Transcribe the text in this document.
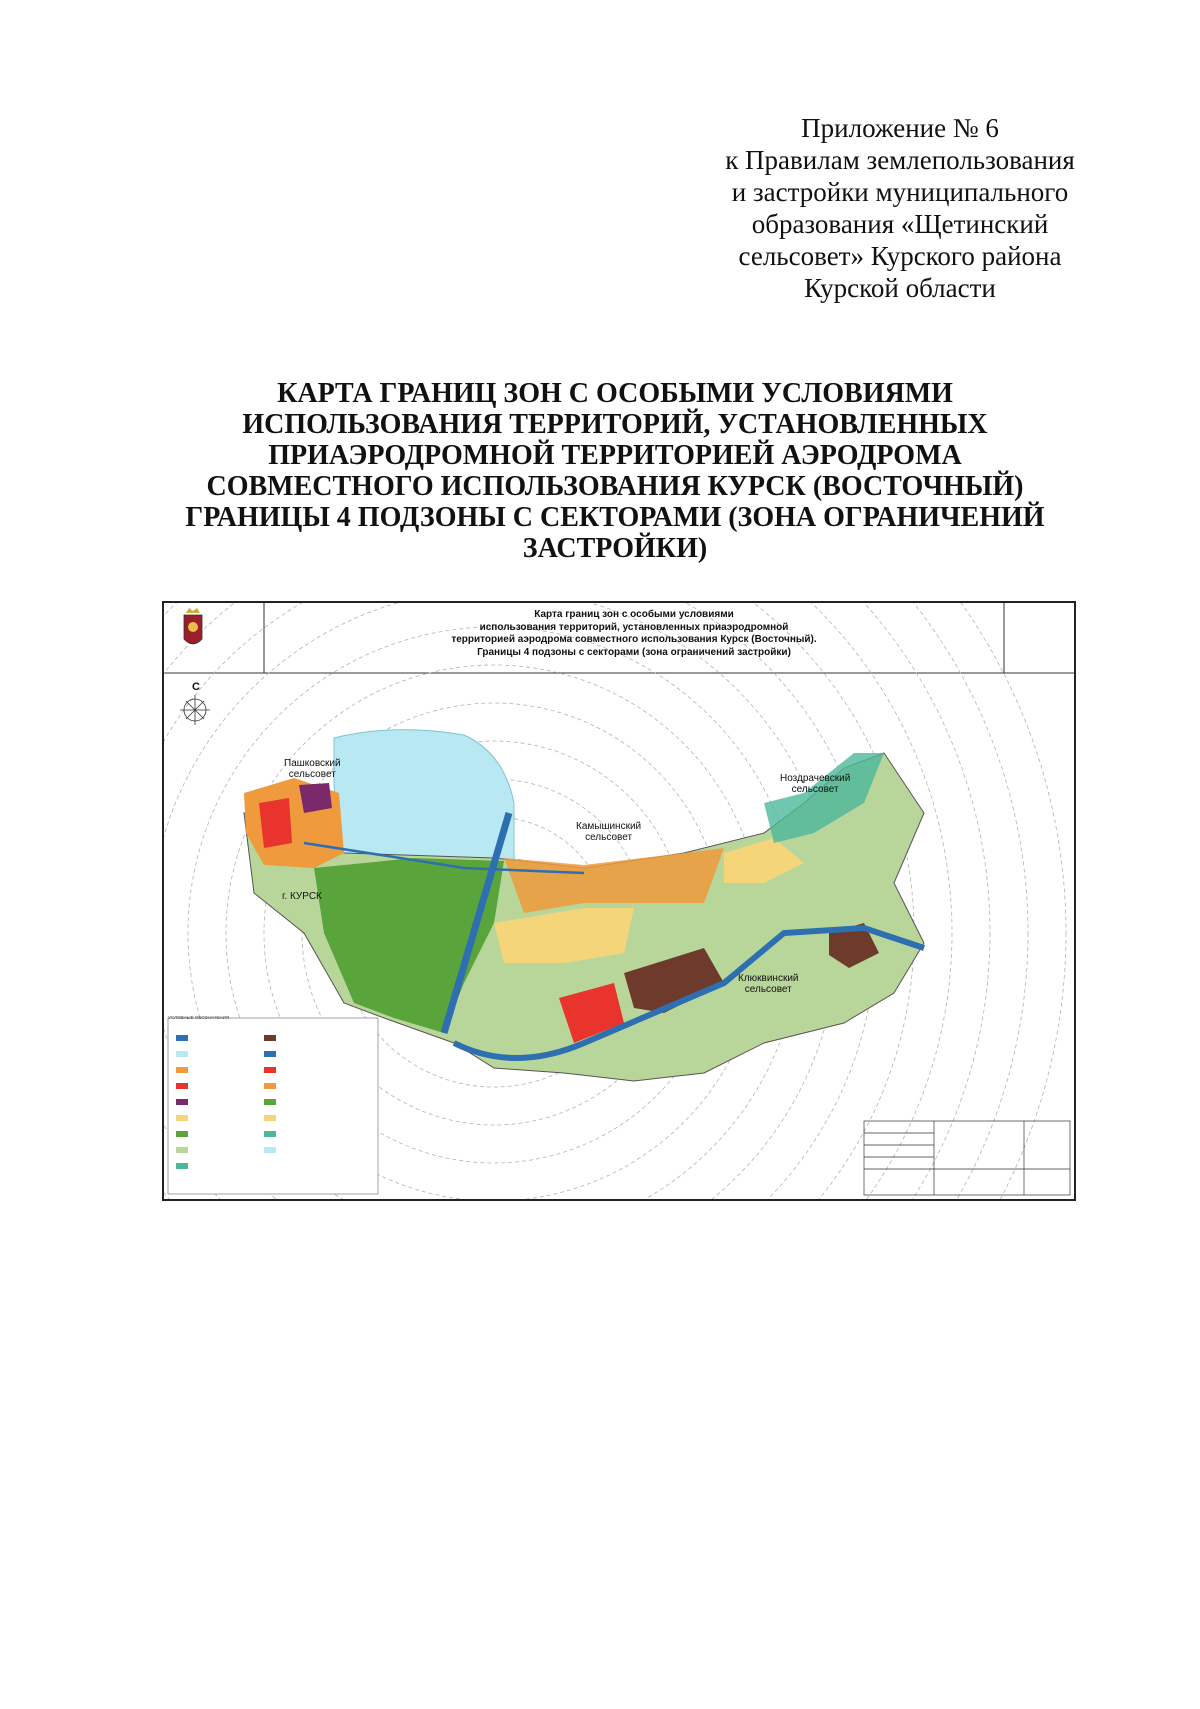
Приложение № 6
к Правилам землепользования
и застройки муниципального
образования «Щетинский
сельсовет» Курского района
Курской области
КАРТА ГРАНИЦ ЗОН С ОСОБЫМИ УСЛОВИЯМИ
ИСПОЛЬЗОВАНИЯ ТЕРРИТОРИЙ, УСТАНОВЛЕННЫХ
ПРИАЭРОДРОМНОЙ ТЕРРИТОРИЕЙ АЭРОДРОМА
СОВМЕСТНОГО ИСПОЛЬЗОВАНИЯ КУРСК (ВОСТОЧНЫЙ)
ГРАНИЦЫ 4 ПОДЗОНЫ С СЕКТОРАМИ (ЗОНА ОГРАНИЧЕНИЙ
ЗАСТРОЙКИ)
Карта границ зон с особыми условиями
использования территорий, установленных приаэродромной
территорией аэродрома совместного использования Курск (Восточный).
Границы 4 подзоны с секторами (зона ограничений застройки)
С
Пашковский
сельсовет
г. КУРСК
Камышинский
сельсовет
Ноздрачевский
сельсовет
Клюквинский
сельсовет
УСЛОВНЫЕ ОБОЗНАЧЕНИЯ
